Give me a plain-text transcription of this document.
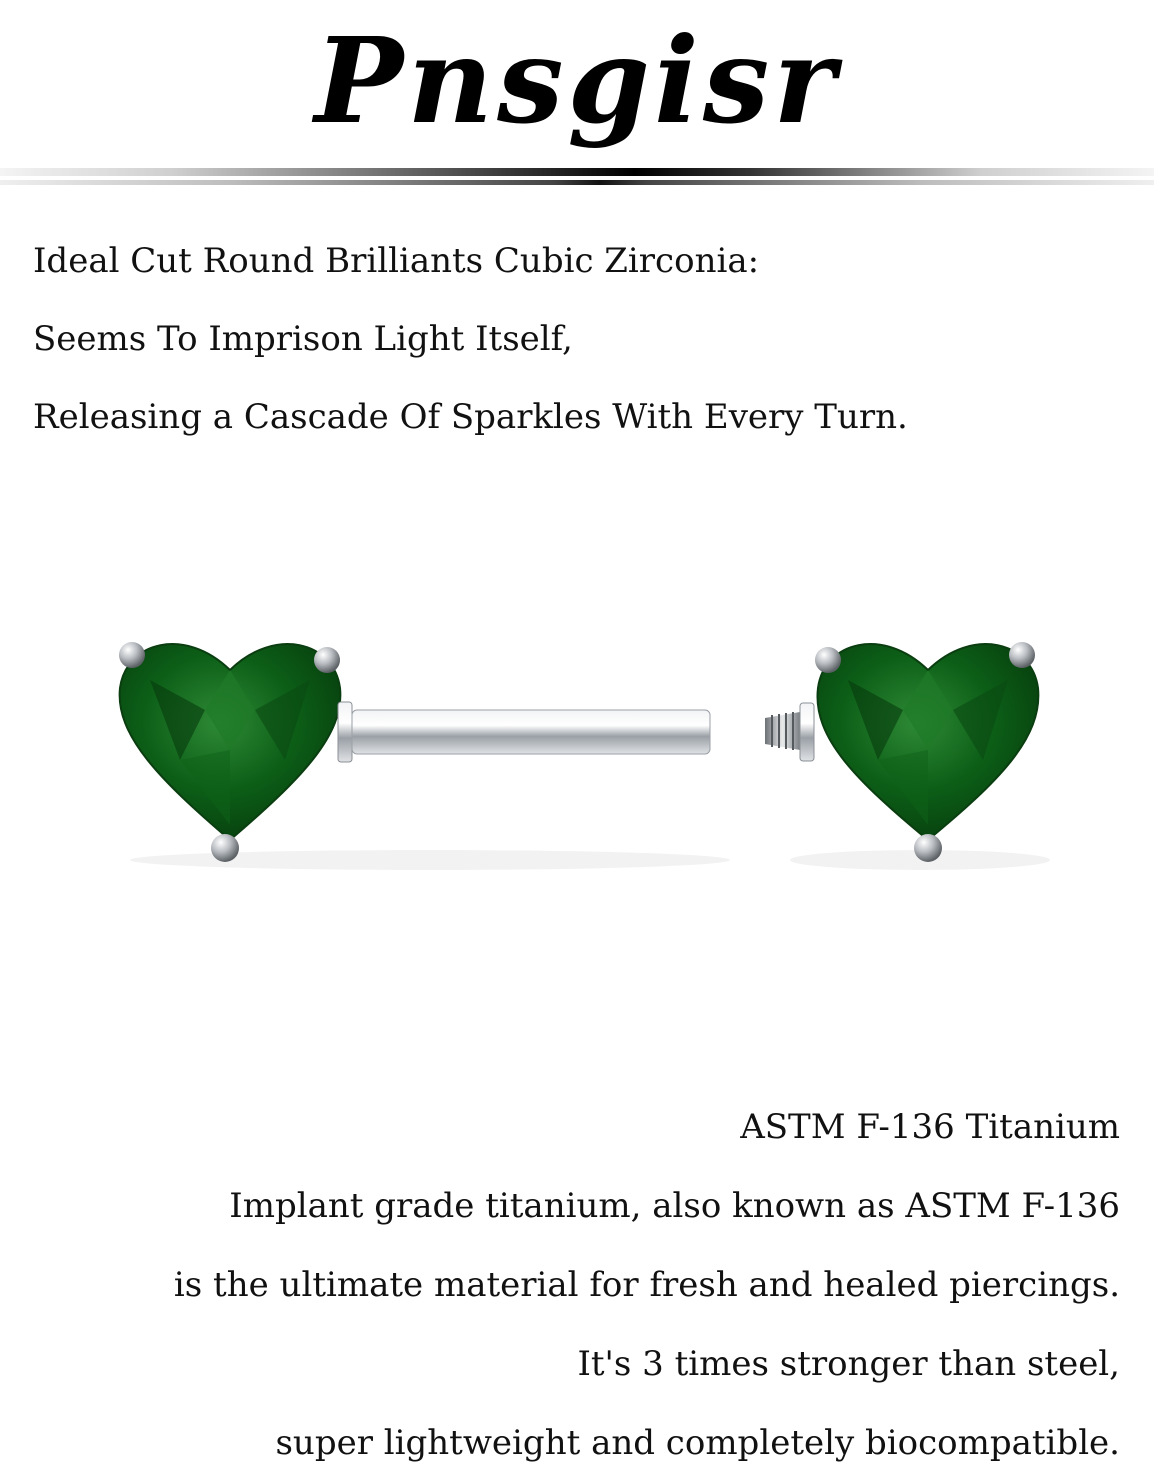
Pnsgisr
Ideal Cut Round Brilliants Cubic Zirconia:
Seems To Imprison Light Itself,
Releasing a Cascade Of Sparkles With Every Turn.
ASTM F-136 Titanium
Implant grade titanium, also known as ASTM F-136
is the ultimate material for fresh and healed piercings.
It's 3 times stronger than steel,
super lightweight and completely biocompatible.
